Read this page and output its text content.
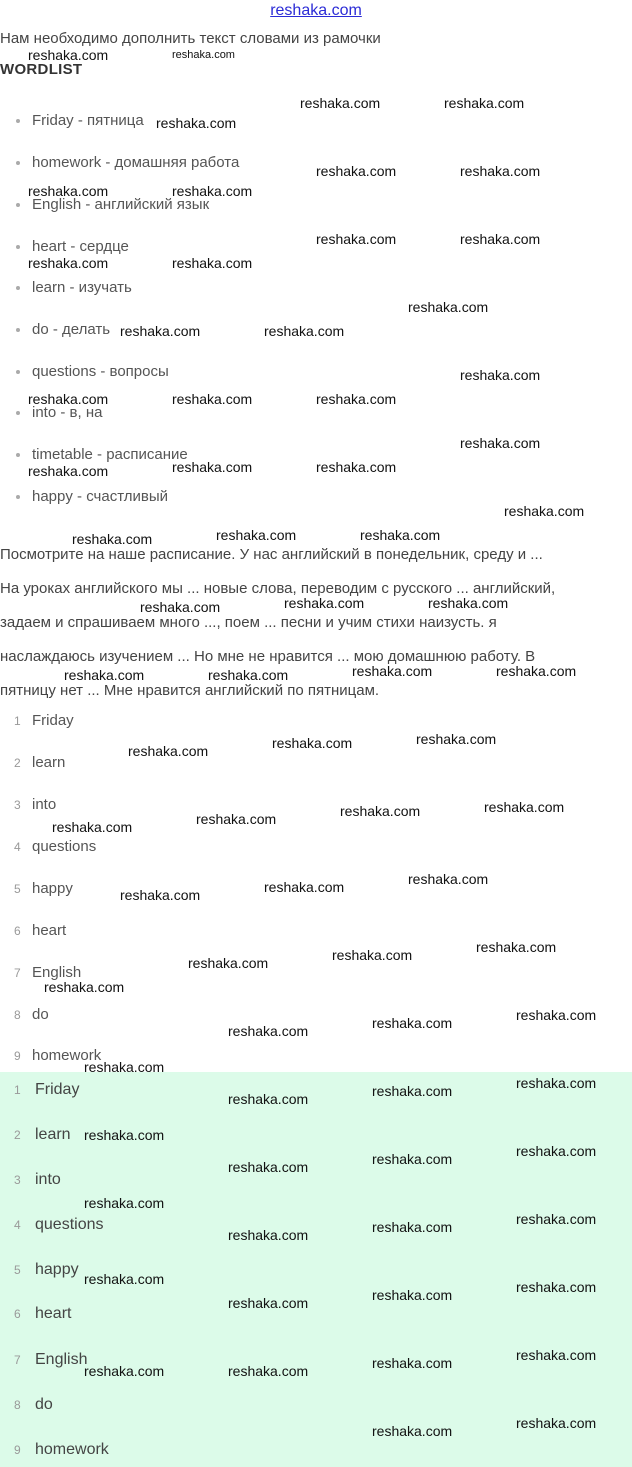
reshaka.com
Нам необходимо дополнить текст словами из рамочки
WORDLIST
Friday - пятница
homework - домашняя работа
English - английский язык
heart - сердце
learn - изучать
do - делать
questions - вопросы
into - в, на
timetable - расписание
happy - счастливый
Посмотрите на наше расписание. У нас английский в понедельник, среду и ...
На уроках английского мы ... новые слова, переводим с русского ... английский,
задаем и спрашиваем много ..., поем ... песни и учим стихи наизусть. я
наслаждаюсь изучением ... Но мне не нравится ... мою домашнюю работу. В
пятницу нет ... Мне нравится английский по пятницам.
1 Friday
2 learn
3 into
4 questions
5 happy
6 heart
7 English
8 do
9 homework
1 Friday
2 learn
3 into
4 questions
5 happy
6 heart
7 English
8 do
9 homework
reshaka.com	reshaka.com
reshaka.com	reshaka.com
reshaka.com
reshaka.com	reshaka.com
reshaka.com	reshaka.com
reshaka.com	reshaka.com
reshaka.com	reshaka.com
reshaka.com
reshaka.com	reshaka.com
reshaka.com
reshaka.com	reshaka.com	reshaka.com
reshaka.com
reshaka.com	reshaka.com	reshaka.com
reshaka.com
reshaka.com	reshaka.com	reshaka.com
reshaka.com	reshaka.com	reshaka.com
reshaka.com	reshaka.com	reshaka.com	reshaka.com
reshaka.com	reshaka.com	reshaka.com
reshaka.com	reshaka.com
reshaka.com	reshaka.com
reshaka.com
reshaka.com
reshaka.com
reshaka.com
reshaka.com
reshaka.com
reshaka.com
reshaka.com
reshaka.com
reshaka.com
reshaka.com
reshaka.com
reshaka.com
reshaka.com
reshaka.com
reshaka.com
reshaka.com
reshaka.com
reshaka.com
reshaka.com
reshaka.com
reshaka.com
reshaka.com	reshaka.com
reshaka.com
reshaka.com
reshaka.com
reshaka.com
reshaka.com
reshaka.com
reshaka.com
reshaka.com
